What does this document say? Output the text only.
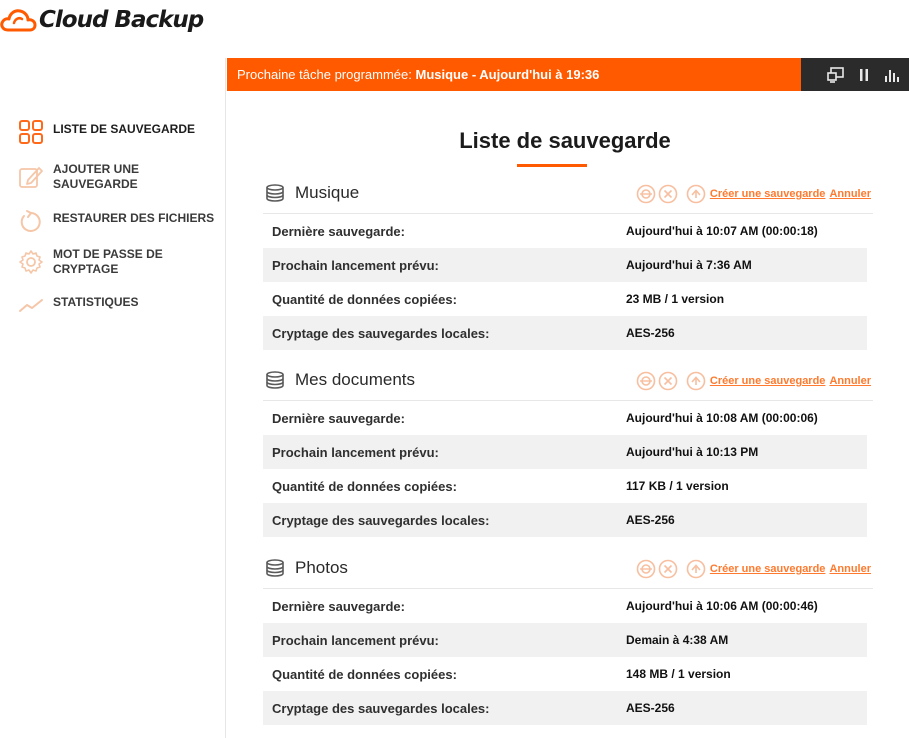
Cloud Backup
LISTE DE SAUVEGARDE
AJOUTER UNE SAUVEGARDE
RESTAURER DES FICHIERS
MOT DE PASSE DE CRYPTAGE
STATISTIQUES
Prochaine tâche programmée: Musique - Aujourd'hui à 19:36
Liste de sauvegarde
Musique	Créer une sauvegarde Annuler
Dernière sauvegarde:	Aujourd'hui à 10:07 AM (00:00:18)
Prochain lancement prévu:	Aujourd'hui à 7:36 AM
Quantité de données copiées:	23 MB / 1 version
Cryptage des sauvegardes locales:	AES-256
Mes documents	Créer une sauvegarde Annuler
Dernière sauvegarde:	Aujourd'hui à 10:08 AM (00:00:06)
Prochain lancement prévu:	Aujourd'hui à 10:13 PM
Quantité de données copiées:	117 KB / 1 version
Cryptage des sauvegardes locales:	AES-256
Photos	Créer une sauvegarde Annuler
Dernière sauvegarde:	Aujourd'hui à 10:06 AM (00:00:46)
Prochain lancement prévu:	Demain à 4:38 AM
Quantité de données copiées:	148 MB / 1 version
Cryptage des sauvegardes locales:	AES-256
